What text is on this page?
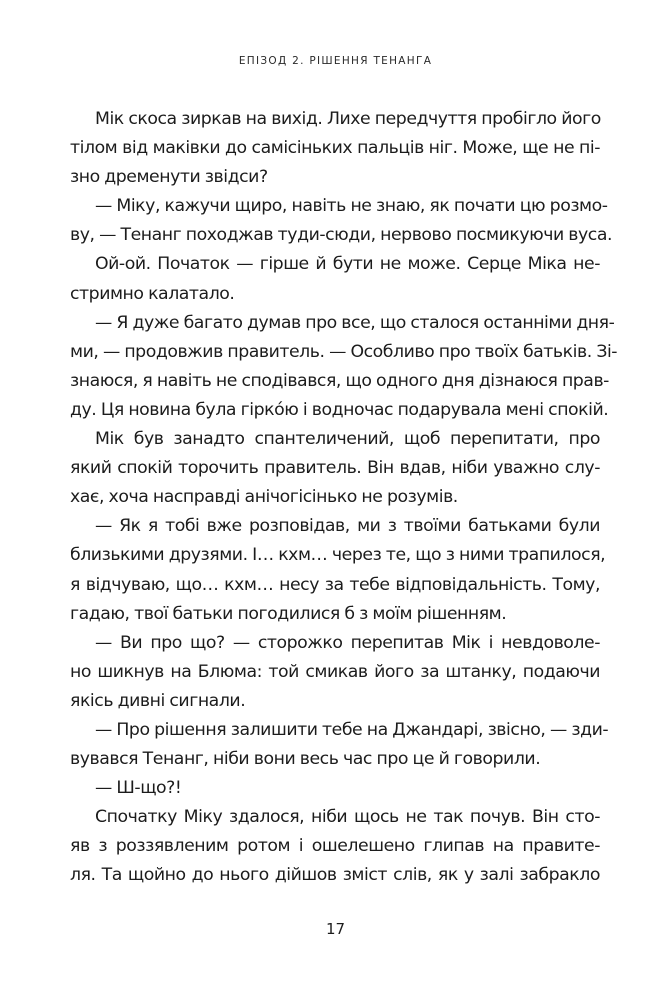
ЕПІЗОД 2. РІШЕННЯ ТЕНАНГА

Мік скоса зиркав на вихід. Лихе передчуття пробігло його
тілом від маківки до самісіньких пальців ніг. Може, ще не пі-
зно дременути звідси?

— Міку, кажучи щиро, навіть не знаю, як почати цю розмо-
ву, — Тенанг походжав туди-сюди, нервово посмикуючи вуса.

Ой-ой. Початок — гірше й бути не може. Серце Міка не-
стримно калатало.

— Я дуже багато думав про все, що сталося останніми дня-
ми, — продовжив правитель. — Особливо про твоїх батьків. Зі-
знаюся, я навіть не сподівався, що одного дня дізнаюся прав-
ду. Ця новина була гіркóю і водночас подарувала мені спокій.

Мік був занадто спантеличений, щоб перепитати, про
який спокій торочить правитель. Він вдав, ніби уважно слу-
хає, хоча насправді анічогісінько не розумів.

— Як я тобі вже розповідав, ми з твоїми батьками були
близькими друзями. І… кхм… через те, що з ними трапилося,
я відчуваю, що… кхм… несу за тебе відповідальність. Тому,
гадаю, твої батьки погодилися б з моїм рішенням.

— Ви про що? — сторожко перепитав Мік і невдоволе-
но шикнув на Блюма: той смикав його за штанку, подаючи
якісь дивні сигнали.

— Про рішення залишити тебе на Джандарі, звісно, — зди-
вувався Тенанг, ніби вони весь час про це й говорили.

— Ш-що?!

Спочатку Міку здалося, ніби щось не так почув. Він сто-
яв з роззявленим ротом і ошелешено глипав на правите-
ля. Та щойно до нього дійшов зміст слів, як у залі забракло

17
